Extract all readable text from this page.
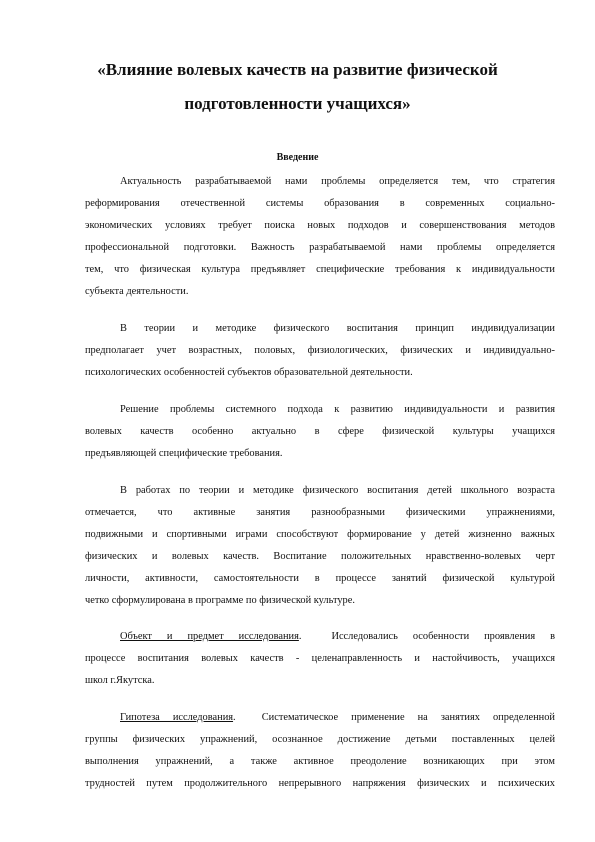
«Влияние волевых качеств на развитие физической
подготовленности учащихся»

Введение

Актуальность разрабатываемой нами проблемы определяется тем, что стратегия

реформирования отечественной системы образования в современных социально-

экономических условиях требует поиска новых подходов и совершенствования методов

профессиональной подготовки. Важность разрабатываемой нами проблемы определяется

тем, что физическая культура предъявляет специфические требования к индивидуальности

субъекта деятельности.

В теории и методике физического воспитания принцип индивидуализации

предполагает учет возрастных, половых, физиологических, физических и индивидуально-

психологических особенностей субъектов образовательной деятельности.

Решение проблемы системного подхода к развитию индивидуальности и развития

волевых качеств особенно актуально в сфере физической культуры учащихся

предъявляющей специфические требования.

В работах по теории и методике физического воспитания детей школьного возраста

отмечается, что активные занятия разнообразными физическими упражнениями,

подвижными и спортивными играми способствуют формирование у детей жизненно важных

физических и волевых качеств. Воспитание положительных нравственно-волевых черт

личности, активности, самостоятельности в процессе занятий физической культурой

четко сформулирована в программе по физической культуре.

Объект и предмет исследования.  Исследовались особенности проявления в

процессе воспитания волевых качеств - целенаправленность и настойчивость, учащихся

школ г.Якутска.

Гипотеза исследования.  Систематическое применение на занятиях определенной

группы физических упражнений, осознанное достижение детьми поставленных целей

выполнения упражнений, а также активное преодоление возникающих при этом

трудностей путем продолжительного непрерывного напряжения физических и психических
